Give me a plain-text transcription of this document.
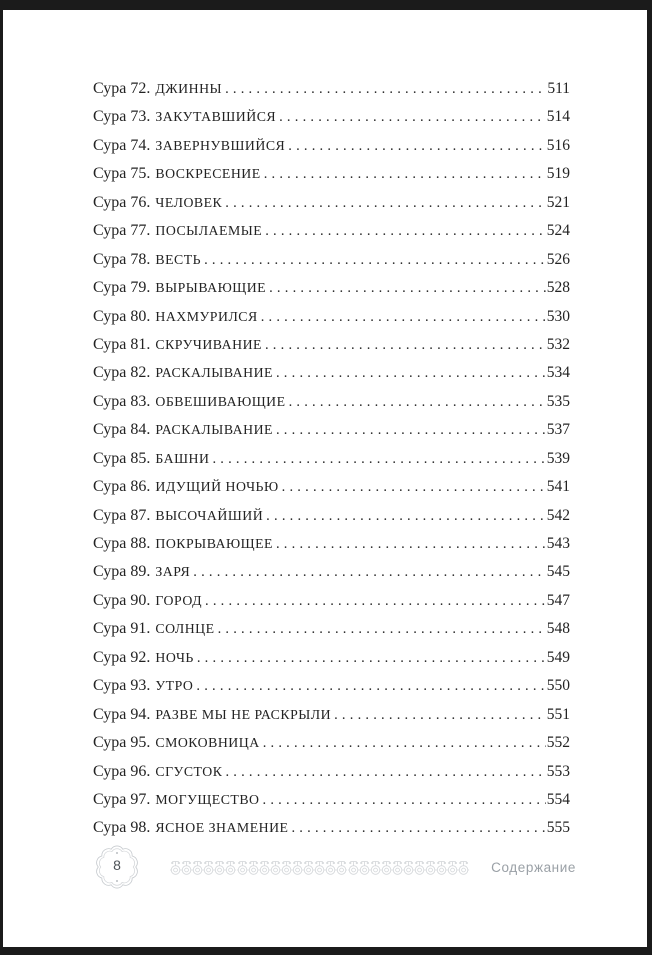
Сура 72. ДЖИННЫ .....	511
Сура 73. ЗАКУТАВШИЙСЯ .....	514
Сура 74. ЗАВЕРНУВШИЙСЯ .....	516
Сура 75. ВОСКРЕСЕНИЕ .....	519
Сура 76. ЧЕЛОВЕК .....	521
Сура 77. ПОСЫЛАЕМЫЕ .....	524
Сура 78. ВЕСТЬ .....	526
Сура 79. ВЫРЫВАЮЩИЕ .....	528
Сура 80. НАХМУРИЛСЯ .....	530
Сура 81. СКРУЧИВАНИЕ .....	532
Сура 82. РАСКАЛЫВАНИЕ .....	534
Сура 83. ОБВЕШИВАЮЩИЕ .....	535
Сура 84. РАСКАЛЫВАНИЕ .....	537
Сура 85. БАШНИ .....	539
Сура 86. ИДУЩИЙ НОЧЬЮ .....	541
Сура 87. ВЫСОЧАЙШИЙ .....	542
Сура 88. ПОКРЫВАЮЩЕЕ .....	543
Сура 89. ЗАРЯ .....	545
Сура 90. ГОРОД .....	547
Сура 91. СОЛНЦЕ .....	548
Сура 92. НОЧЬ .....	549
Сура 93. УТРО .....	550
Сура 94. РАЗВЕ МЫ НЕ РАСКРЫЛИ .....	551
Сура 95. СМОКОВНИЦА .....	552
Сура 96. СГУСТОК .....	553
Сура 97. МОГУЩЕСТВО .....	554
Сура 98. ЯСНОЕ ЗНАМЕНИЕ .....	555
8	Содержание
